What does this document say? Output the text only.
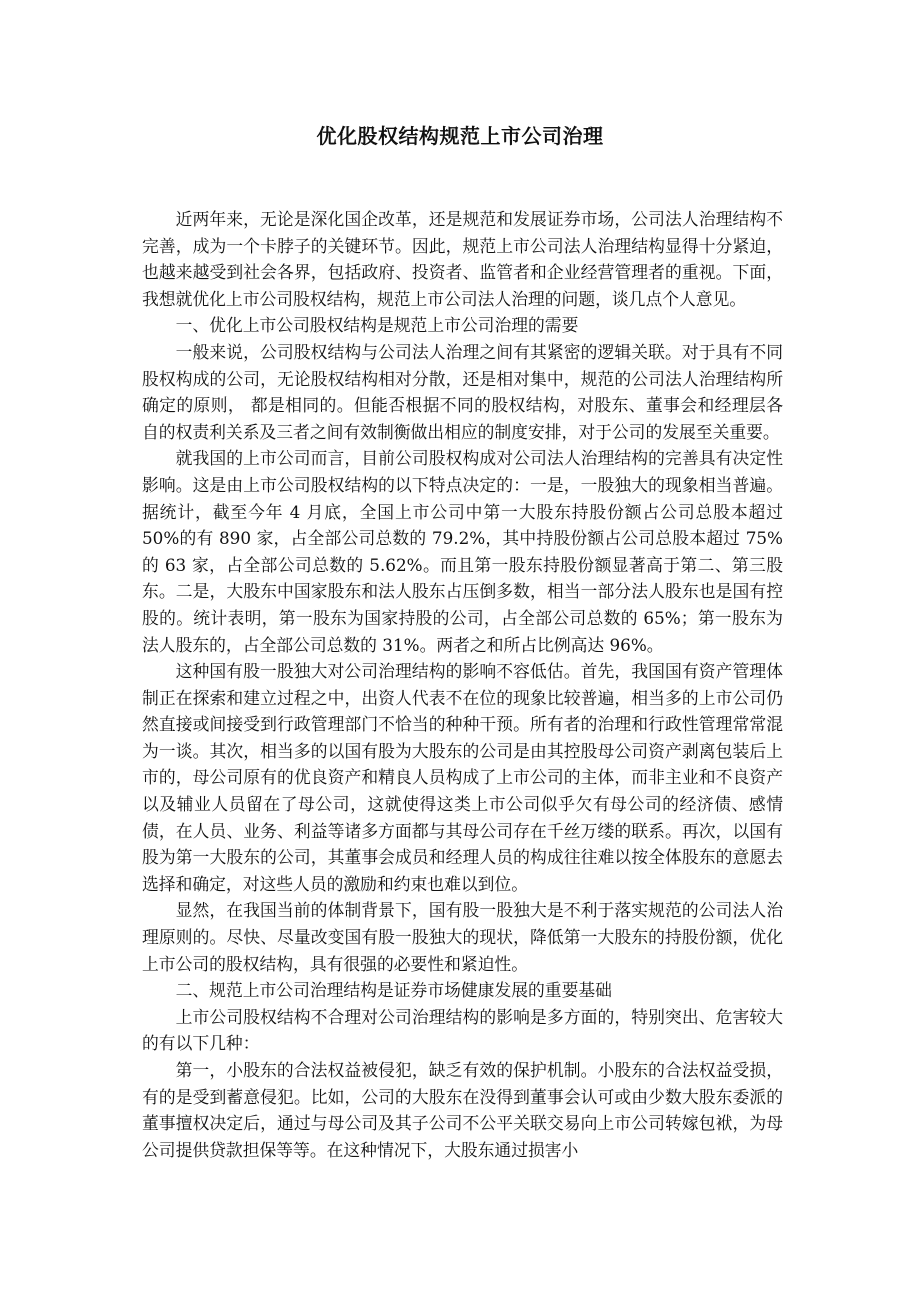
优化股权结构规范上市公司治理

近两年来，无论是深化国企改革，还是规范和发展证券市场，公司法人治理结构不完善，成为一个卡脖子的关键环节。因此，规范上市公司法人治理结构显得十分紧迫，也越来越受到社会各界，包括政府、投资者、监管者和企业经营管理者的重视。下面，我想就优化上市公司股权结构，规范上市公司法人治理的问题，谈几点个人意见。

一、优化上市公司股权结构是规范上市公司治理的需要

一般来说，公司股权结构与公司法人治理之间有其紧密的逻辑关联。对于具有不同股权构成的公司，无论股权结构相对分散，还是相对集中，规范的公司法人治理结构所确定的原则， 都是相同的。但能否根据不同的股权结构，对股东、董事会和经理层各自的权责利关系及三者之间有效制衡做出相应的制度安排，对于公司的发展至关重要。

就我国的上市公司而言，目前公司股权构成对公司法人治理结构的完善具有决定性影响。这是由上市公司股权结构的以下特点决定的：一是，一股独大的现象相当普遍。据统计，截至今年 4 月底，全国上市公司中第一大股东持股份额占公司总股本超过 50%的有 890 家，占全部公司总数的 79.2%，其中持股份额占公司总股本超过 75%的 63 家，占全部公司总数的 5.62%。而且第一股东持股份额显著高于第二、第三股东。二是，大股东中国家股东和法人股东占压倒多数，相当一部分法人股东也是国有控股的。统计表明，第一股东为国家持股的公司，占全部公司总数的 65%；第一股东为法人股东的，占全部公司总数的 31%。两者之和所占比例高达 96%。

这种国有股一股独大对公司治理结构的影响不容低估。首先，我国国有资产管理体制正在探索和建立过程之中，出资人代表不在位的现象比较普遍，相当多的上市公司仍然直接或间接受到行政管理部门不恰当的种种干预。所有者的治理和行政性管理常常混为一谈。其次，相当多的以国有股为大股东的公司是由其控股母公司资产剥离包装后上市的，母公司原有的优良资产和精良人员构成了上市公司的主体，而非主业和不良资产以及辅业人员留在了母公司，这就使得这类上市公司似乎欠有母公司的经济债、感情债，在人员、业务、利益等诸多方面都与其母公司存在千丝万缕的联系。再次，以国有股为第一大股东的公司，其董事会成员和经理人员的构成往往难以按全体股东的意愿去选择和确定，对这些人员的激励和约束也难以到位。

显然，在我国当前的体制背景下，国有股一股独大是不利于落实规范的公司法人治理原则的。尽快、尽量改变国有股一股独大的现状，降低第一大股东的持股份额，优化上市公司的股权结构，具有很强的必要性和紧迫性。

二、规范上市公司治理结构是证券市场健康发展的重要基础

上市公司股权结构不合理对公司治理结构的影响是多方面的，特别突出、危害较大的有以下几种：

第一，小股东的合法权益被侵犯，缺乏有效的保护机制。小股东的合法权益受损，有的是受到蓄意侵犯。比如，公司的大股东在没得到董事会认可或由少数大股东委派的董事擅权决定后，通过与母公司及其子公司不公平关联交易向上市公司转嫁包袱，为母公司提供贷款担保等等。在这种情况下，大股东通过损害小
